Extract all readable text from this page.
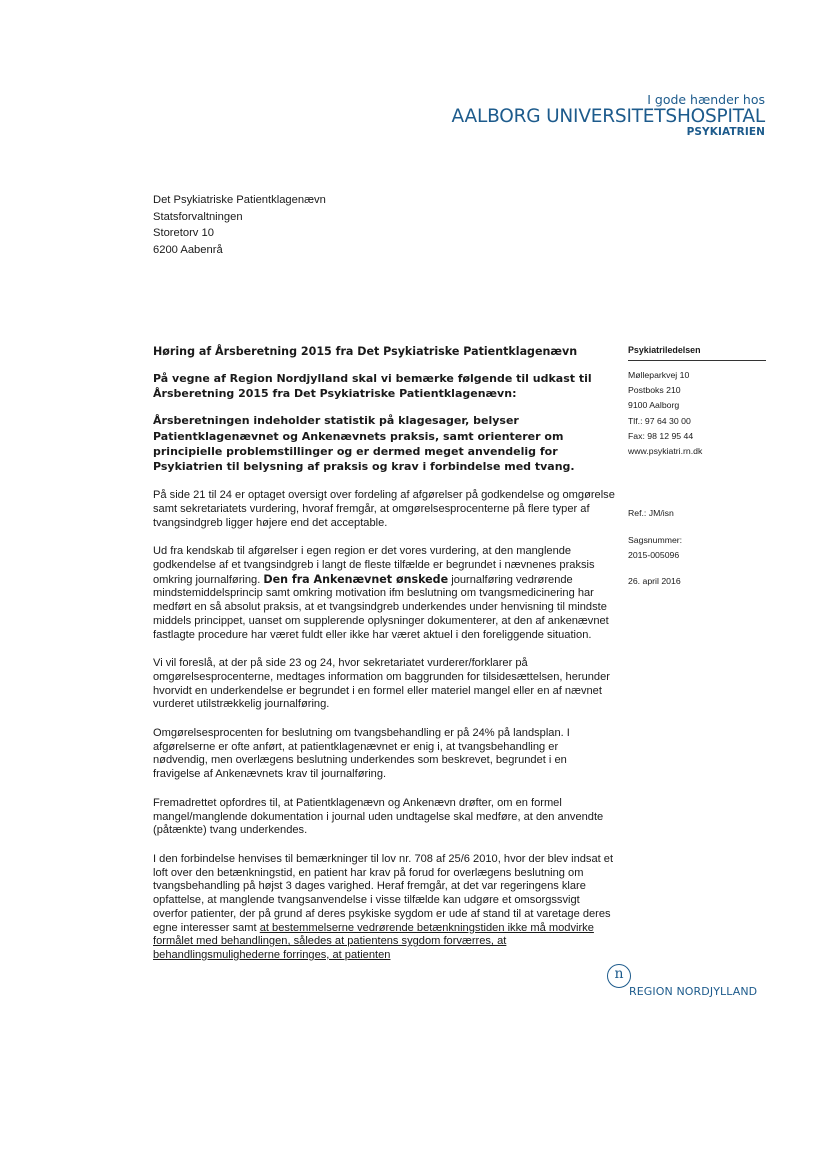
I gode hænder hos
AALBORG UNIVERSITETSHOSPITAL
PSYKIATRIEN
Det Psykiatriske Patientklagenævn
Statsforvaltningen
Storetorv 10
6200 Aabenrå
Høring af Årsberetning 2015 fra Det Psykiatriske Patientklagenævn

På vegne af Region Nordjylland skal vi bemærke følgende til udkast til Årsberetning 2015 fra Det Psykiatriske Patientklagenævn:

Årsberetningen indeholder statistik på klagesager, belyser Patientklagenævnet og Ankenævnets praksis, samt orienterer om principielle problemstillinger og er dermed meget anvendelig for Psykiatrien til belysning af praksis og krav i forbindelse med tvang.

På side 21 til 24 er optaget oversigt over fordeling af afgørelser på godkendelse og omgørelse samt sekretariatets vurdering, hvoraf fremgår, at omgørelsesprocenterne på flere typer af tvangsindgreb ligger højere end det acceptable.

Ud fra kendskab til afgørelser i egen region er det vores vurdering, at den manglende godkendelse af et tvangsindgreb i langt de fleste tilfælde er begrundet i nævnenes praksis omkring journalføring. Den fra Ankenævnet ønskede journalføring vedrørende mindstemiddelsprincip samt omkring motivation ifm beslutning om tvangsmedicinering har medført en så absolut praksis, at et tvangsindgreb underkendes under henvisning til mindste middels princippet, uanset om supplerende oplysninger dokumenterer, at den af ankenævnet fastlagte procedure har været fuldt eller ikke har været aktuel i den foreliggende situation.

Vi vil foreslå, at der på side 23 og 24, hvor sekretariatet vurderer/forklarer på omgørelsesprocenterne, medtages information om baggrunden for tilsidesættelsen, herunder hvorvidt en underkendelse er begrundet i en formel eller materiel mangel eller en af nævnet vurderet utilstrækkelig journalføring.

Omgørelsesprocenten for beslutning om tvangsbehandling er på 24% på landsplan. I afgørelserne er ofte anført, at patientklagenævnet er enig i, at tvangsbehandling er nødvendig, men overlægens beslutning underkendes som beskrevet, begrundet i en fravigelse af Ankenævnets krav til journalføring.

Fremadrettet opfordres til, at Patientklagenævn og Ankenævn drøfter, om en formel mangel/manglende dokumentation i journal uden undtagelse skal medføre, at den anvendte (påtænkte) tvang underkendes.

I den forbindelse henvises til bemærkninger til lov nr. 708 af 25/6 2010, hvor der blev indsat et loft over den betænkningstid, en patient har krav på forud for overlægens beslutning om tvangsbehandling på højst 3 dages varighed. Heraf fremgår, at det var regeringens klare opfattelse, at manglende tvangsanvendelse i visse tilfælde kan udgøre et omsorgssvigt overfor patienter, der på grund af deres psykiske sygdom er ude af stand til at varetage deres egne interesser samt at bestemmelserne vedrørende betænkningstiden ikke må modvirke formålet med behandlingen, således at patientens sygdom forværres, at behandlingsmulighederne forringes, at patienten

Psykiatriledelsen
Mølleparkvej 10
Postboks 210
9100 Aalborg
Tlf.: 97 64 30 00
Fax: 98 12 95 44
www.psykiatri.rn.dk
Ref.: JM/isn
Sagsnummer:
2015-005096
26. april 2016
n
REGION NORDJYLLAND
